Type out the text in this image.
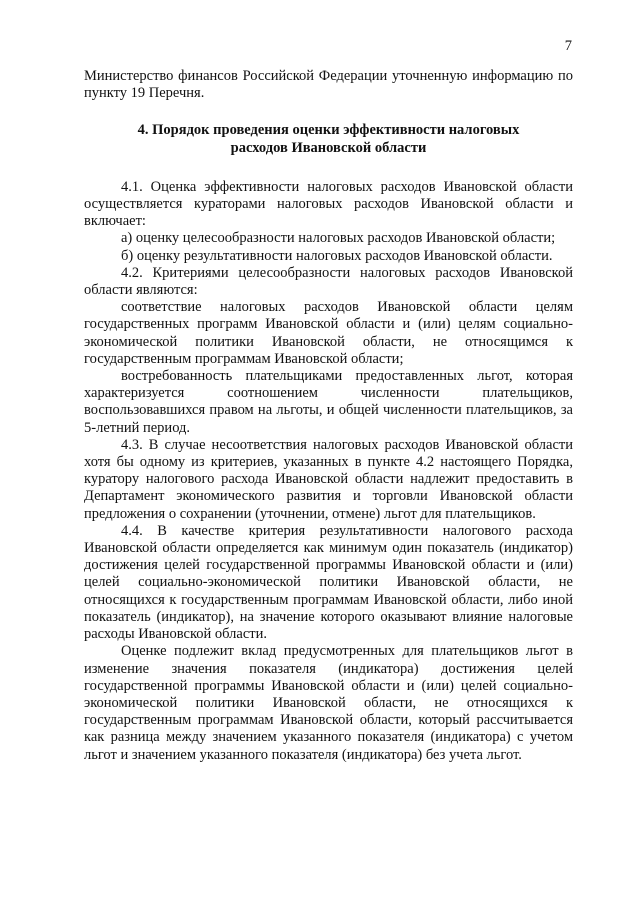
7

Министерство финансов Российской Федерации уточненную информацию по пункту 19 Перечня.

4. Порядок проведения оценки эффективности налоговых
расходов Ивановской области

4.1. Оценка эффективности налоговых расходов Ивановской области осуществляется кураторами налоговых расходов Ивановской области и включает:

а) оценку целесообразности налоговых расходов Ивановской области;

б) оценку результативности налоговых расходов Ивановской области.

4.2. Критериями целесообразности налоговых расходов Ивановской области являются:

соответствие налоговых расходов Ивановской области целям государственных программ Ивановской области и (или) целям социально-экономической политики Ивановской области, не относящимся к государственным программам Ивановской области;

востребованность плательщиками предоставленных льгот, которая характеризуется соотношением численности плательщиков, воспользовавшихся правом на льготы, и общей численности плательщиков, за 5-летний период.

4.3. В случае несоответствия налоговых расходов Ивановской области хотя бы одному из критериев, указанных в пункте 4.2 настоящего Порядка, куратору налогового расхода Ивановской области надлежит предоставить в Департамент экономического развития и торговли Ивановской области предложения о сохранении (уточнении, отмене) льгот для плательщиков.

4.4. В качестве критерия результативности налогового расхода Ивановской области определяется как минимум один показатель (индикатор) достижения целей государственной программы Ивановской области и (или) целей социально-экономической политики Ивановской области, не относящихся к государственным программам Ивановской области, либо иной показатель (индикатор), на значение которого оказывают влияние налоговые расходы Ивановской области.

Оценке подлежит вклад предусмотренных для плательщиков льгот в изменение значения показателя (индикатора) достижения целей государственной программы Ивановской области и (или) целей социально-экономической политики Ивановской области, не относящихся к государственным программам Ивановской области, который рассчитывается как разница между значением указанного показателя (индикатора) с учетом льгот и значением указанного показателя (индикатора) без учета льгот.
